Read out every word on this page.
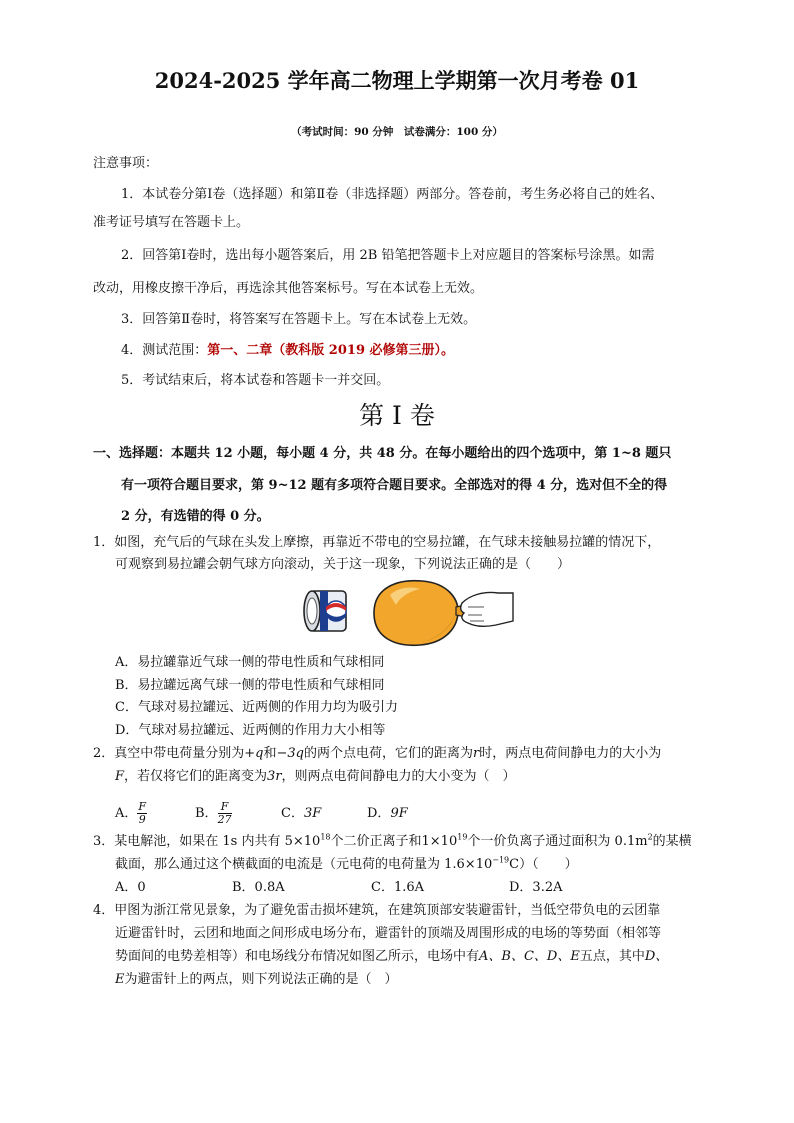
2024-2025 学年高二物理上学期第一次月考卷 01
（考试时间：90 分钟　试卷满分：100 分）
注意事项：
1．本试卷分第Ⅰ卷（选择题）和第Ⅱ卷（非选择题）两部分。答卷前，考生务必将自己的姓名、
准考证号填写在答题卡上。
2．回答第Ⅰ卷时，选出每小题答案后，用 2B 铅笔把答题卡上对应题目的答案标号涂黑。如需
改动，用橡皮擦干净后，再选涂其他答案标号。写在本试卷上无效。
3．回答第Ⅱ卷时，将答案写在答题卡上。写在本试卷上无效。
4．测试范围：第一、二章（教科版 2019 必修第三册）。
5．考试结束后，将本试卷和答题卡一并交回。
第 I 卷
一、选择题：本题共 12 小题，每小题 4 分，共 48 分。在每小题给出的四个选项中，第 1~8 题只
有一项符合题目要求，第 9~12 题有多项符合题目要求。全部选对的得 4 分，选对但不全的得
2 分，有选错的得 0 分。
1．如图，充气后的气球在头发上摩擦，再靠近不带电的空易拉罐，在气球未接触易拉罐的情况下，
可观察到易拉罐会朝气球方向滚动，关于这一现象，下列说法正确的是（　　）
A．易拉罐靠近气球一侧的带电性质和气球相同
B．易拉罐远离气球一侧的带电性质和气球相同
C．气球对易拉罐远、近两侧的作用力均为吸引力
D．气球对易拉罐远、近两侧的作用力大小相等
2．真空中带电荷量分别为+q和−3q的两个点电荷，它们的距离为r时，两点电荷间静电力的大小为
F，若仅将它们的距离变为3r，则两点电荷间静电力的大小变为（　）
A． $\frac{F}{9}$	B． $\frac{F}{27}$	C．3F	D．9F
3．某电解池，如果在 1s 内共有 $5\times 10^{18}$个二价正离子和$1\times 10^{19}$个一价负离子通过面积为 $0.1m^2$的某横
截面，那么通过这个横截面的电流是（元电荷的电荷量为 $1.6\times 10^{-19}C$）（　　）
A．0	B．0.8A	C．1.6A	D．3.2A
4．甲图为浙江常见景象，为了避免雷击损坏建筑，在建筑顶部安装避雷针，当低空带负电的云团靠
近避雷针时，云团和地面之间形成电场分布，避雷针的顶端及周围形成的电场的等势面（相邻等
势面间的电势差相等）和电场线分布情况如图乙所示，电场中有A、B、C、D、E五点，其中D、
E为避雷针上的两点，则下列说法正确的是（　）
